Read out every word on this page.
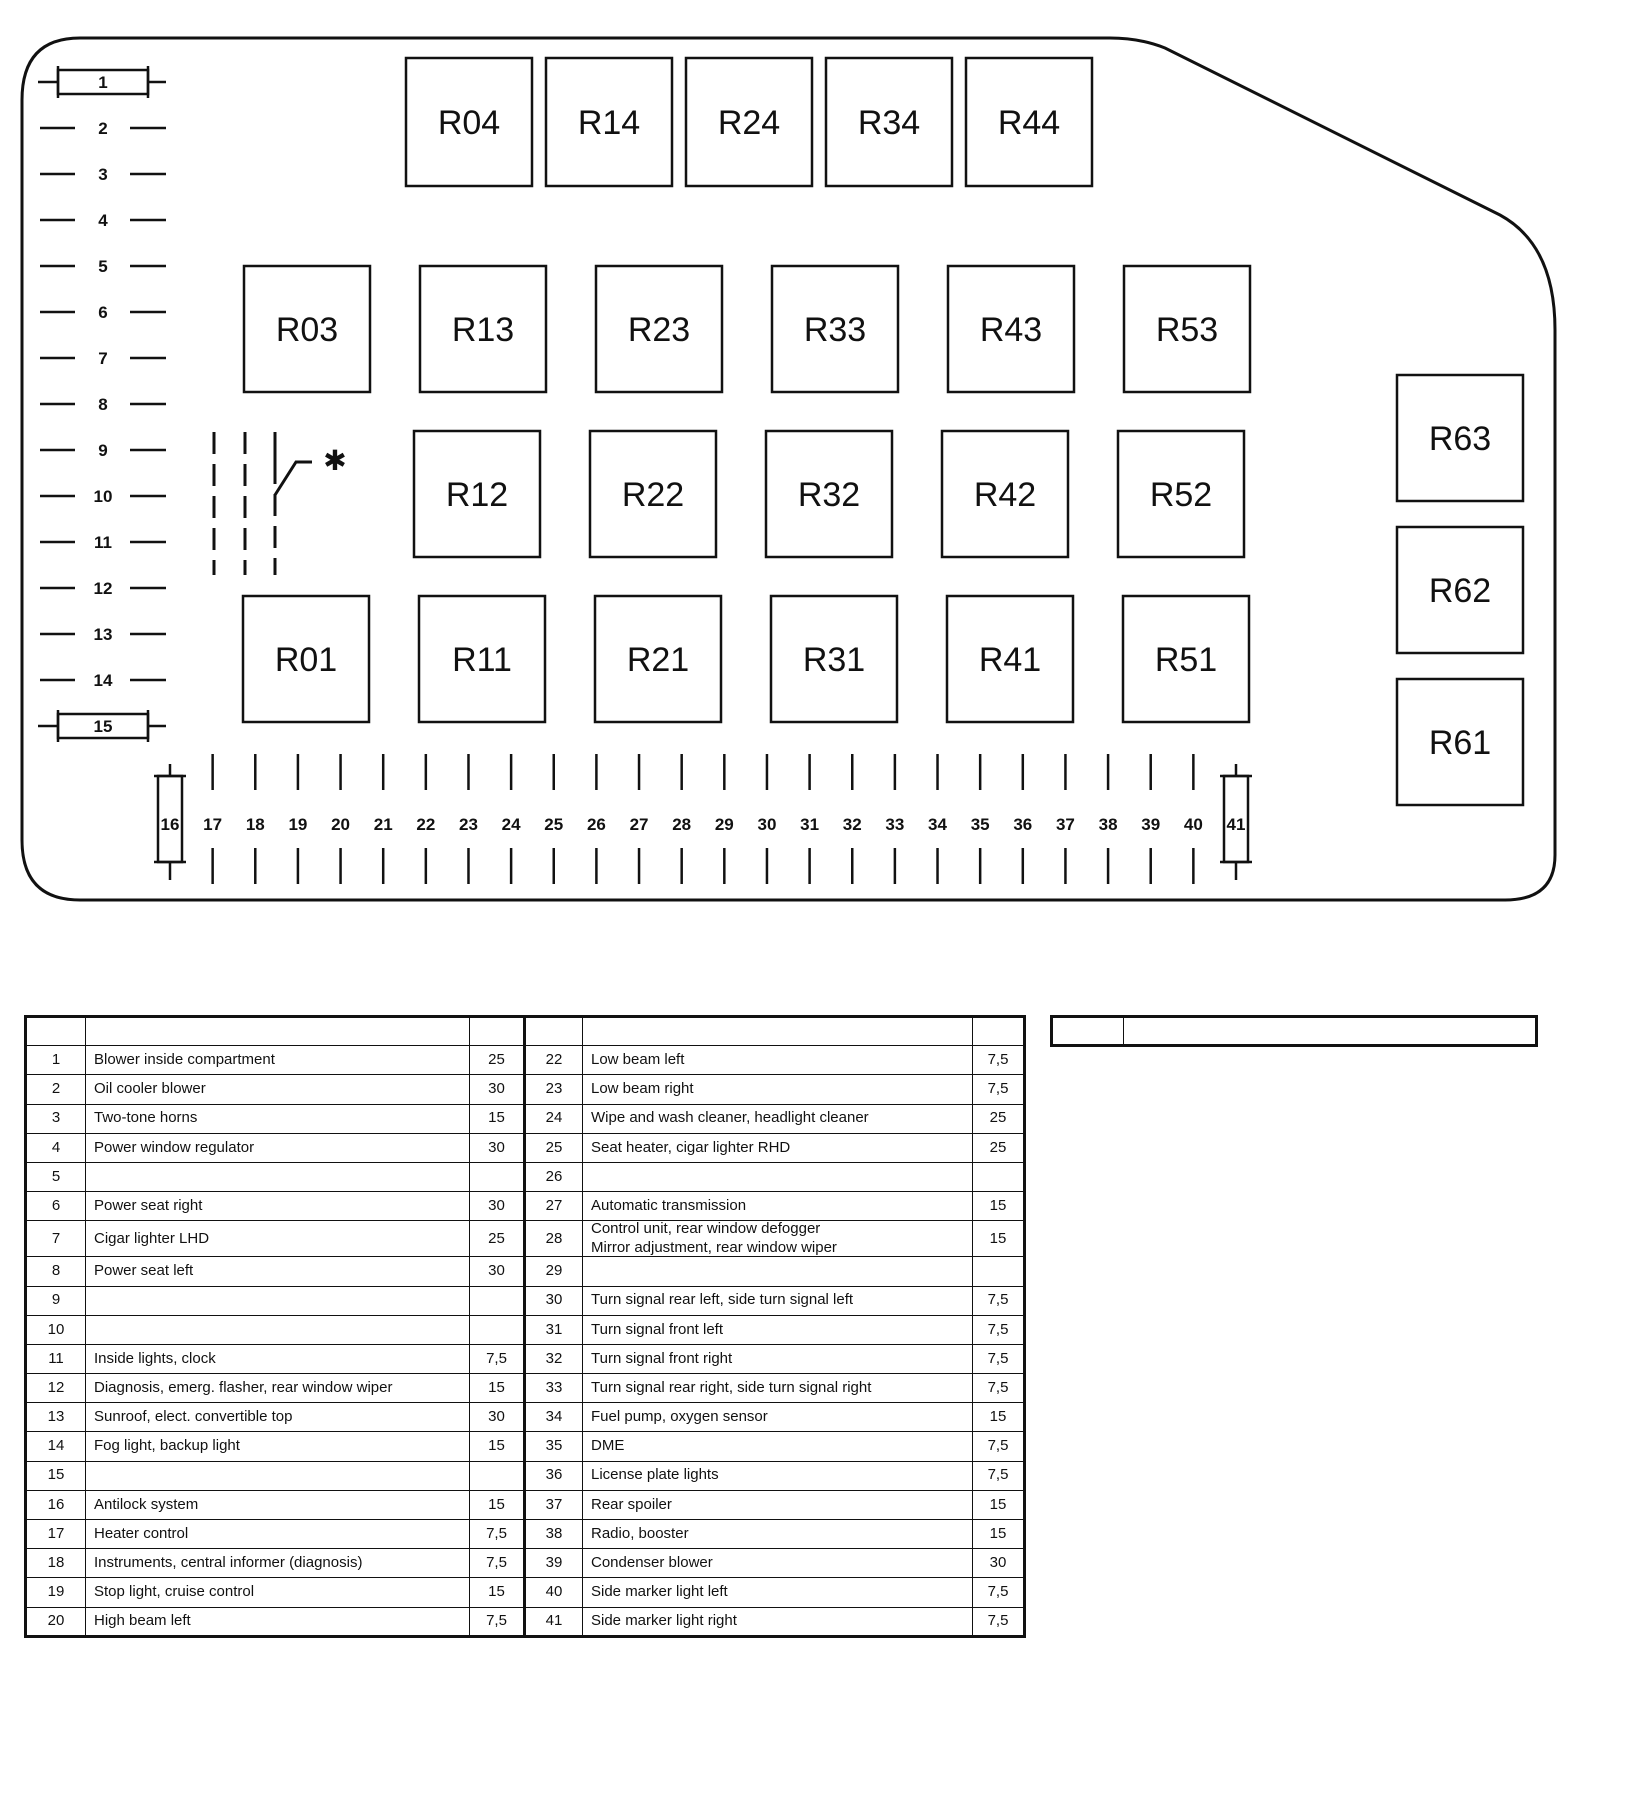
R04 R14 R24 R34 R44
R03	R13	R23	R33	R43	R53
R12	R22	R32	R42	R52
R01	R11	R21	R31	R41	R51
R63
R62
R61
1
2
3
4
5
6
7
8
9
10
11
12
13
14
15
16 17 18 19 20 21 22 23 24 25 26 27 28 29 30 31 32 33 34 35 36 37 38 39 40 41
✱

1	Blower inside compartment	25	22	Low beam left	7,5
2	Oil cooler blower	30	23	Low beam right	7,5
3	Two-tone horns	15	24	Wipe and wash cleaner, headlight cleaner	25
4	Power window regulator	30	25	Seat heater, cigar lighter RHD	25
5			26		
6	Power seat right	30	27	Automatic transmission	15
7	Cigar lighter LHD	25	28	Control unit, rear window defogger
Mirror adjustment, rear window wiper	15
8	Power seat left	30	29		
9			30	Turn signal rear left, side turn signal left	7,5
10			31	Turn signal front left	7,5
11	Inside lights, clock	7,5	32	Turn signal front right	7,5
12	Diagnosis, emerg. flasher, rear window wiper	15	33	Turn signal rear right, side turn signal right	7,5
13	Sunroof, elect. convertible top	30	34	Fuel pump, oxygen sensor	15
14	Fog light, backup light	15	35	DME	7,5
15			36	License plate lights	7,5
16	Antilock system	15	37	Rear spoiler	15
17	Heater control	7,5	38	Radio, booster	15
18	Instruments, central informer (diagnosis)	7,5	39	Condenser blower	30
19	Stop light, cruise control	15	40	Side marker light left	7,5
20	High beam left	7,5	41	Side marker light right	7,5
